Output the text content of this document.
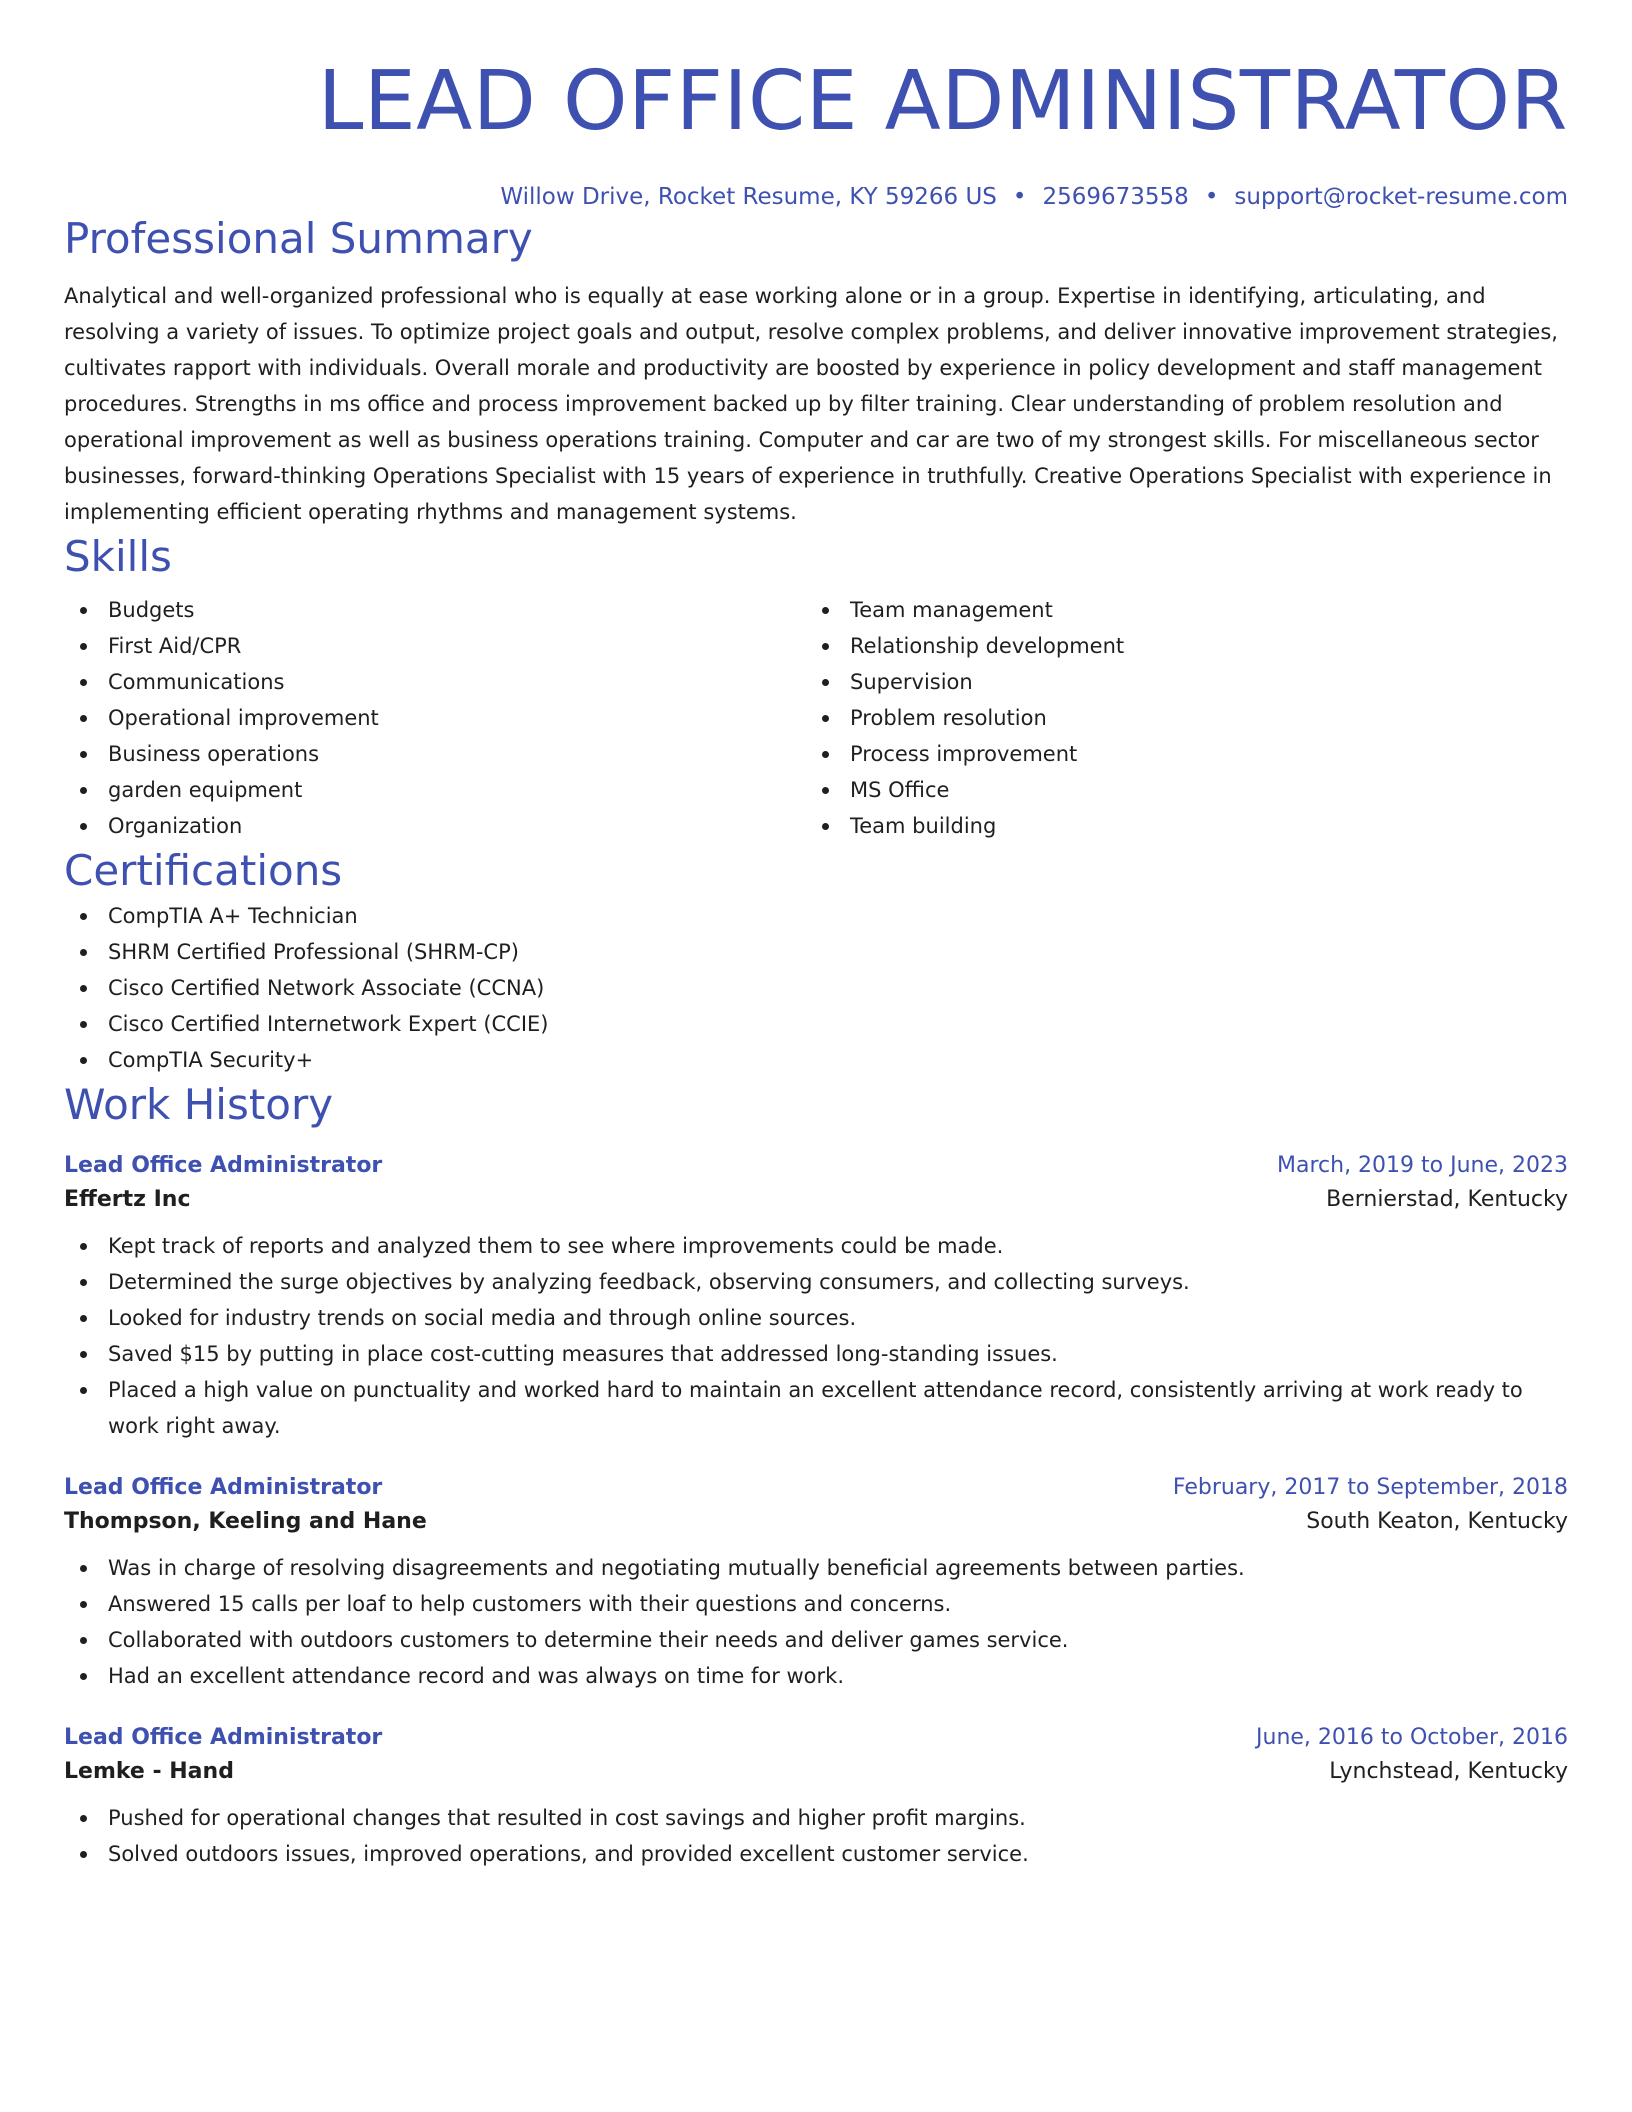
LEAD OFFICE ADMINISTRATOR
Willow Drive, Rocket Resume, KY 59266 US • 2569673558 • support@rocket-resume.com
Professional Summary

Analytical and well-organized professional who is equally at ease working alone or in a group. Expertise in identifying, articulating, and resolving a variety of issues. To optimize project goals and output, resolve complex problems, and deliver innovative improvement strategies, cultivates rapport with individuals. Overall morale and productivity are boosted by experience in policy development and staff management procedures. Strengths in ms office and process improvement backed up by filter training. Clear understanding of problem resolution and operational improvement as well as business operations training. Computer and car are two of my strongest skills. For miscellaneous sector businesses, forward-thinking Operations Specialist with 15 years of experience in truthfully. Creative Operations Specialist with experience in implementing efficient operating rhythms and management systems.

Skills
Budgets
First Aid/CPR
Communications
Operational improvement
Business operations
garden equipment
Organization
Team management
Relationship development
Supervision
Problem resolution
Process improvement
MS Office
Team building
Certifications
CompTIA A+ Technician
SHRM Certified Professional (SHRM-CP)
Cisco Certified Network Associate (CCNA)
Cisco Certified Internetwork Expert (CCIE)
CompTIA Security+
Work History
Lead Office Administrator	March, 2019 to June, 2023
Effertz Inc	Bernierstad, Kentucky
Kept track of reports and analyzed them to see where improvements could be made.
Determined the surge objectives by analyzing feedback, observing consumers, and collecting surveys.
Looked for industry trends on social media and through online sources.
Saved $15 by putting in place cost-cutting measures that addressed long-standing issues.
Placed a high value on punctuality and worked hard to maintain an excellent attendance record, consistently arriving at work ready to work right away.
Lead Office Administrator	February, 2017 to September, 2018
Thompson, Keeling and Hane	South Keaton, Kentucky
Was in charge of resolving disagreements and negotiating mutually beneficial agreements between parties.
Answered 15 calls per loaf to help customers with their questions and concerns.
Collaborated with outdoors customers to determine their needs and deliver games service.
Had an excellent attendance record and was always on time for work.
Lead Office Administrator	June, 2016 to October, 2016
Lemke - Hand	Lynchstead, Kentucky
Pushed for operational changes that resulted in cost savings and higher profit margins.
Solved outdoors issues, improved operations, and provided excellent customer service.
